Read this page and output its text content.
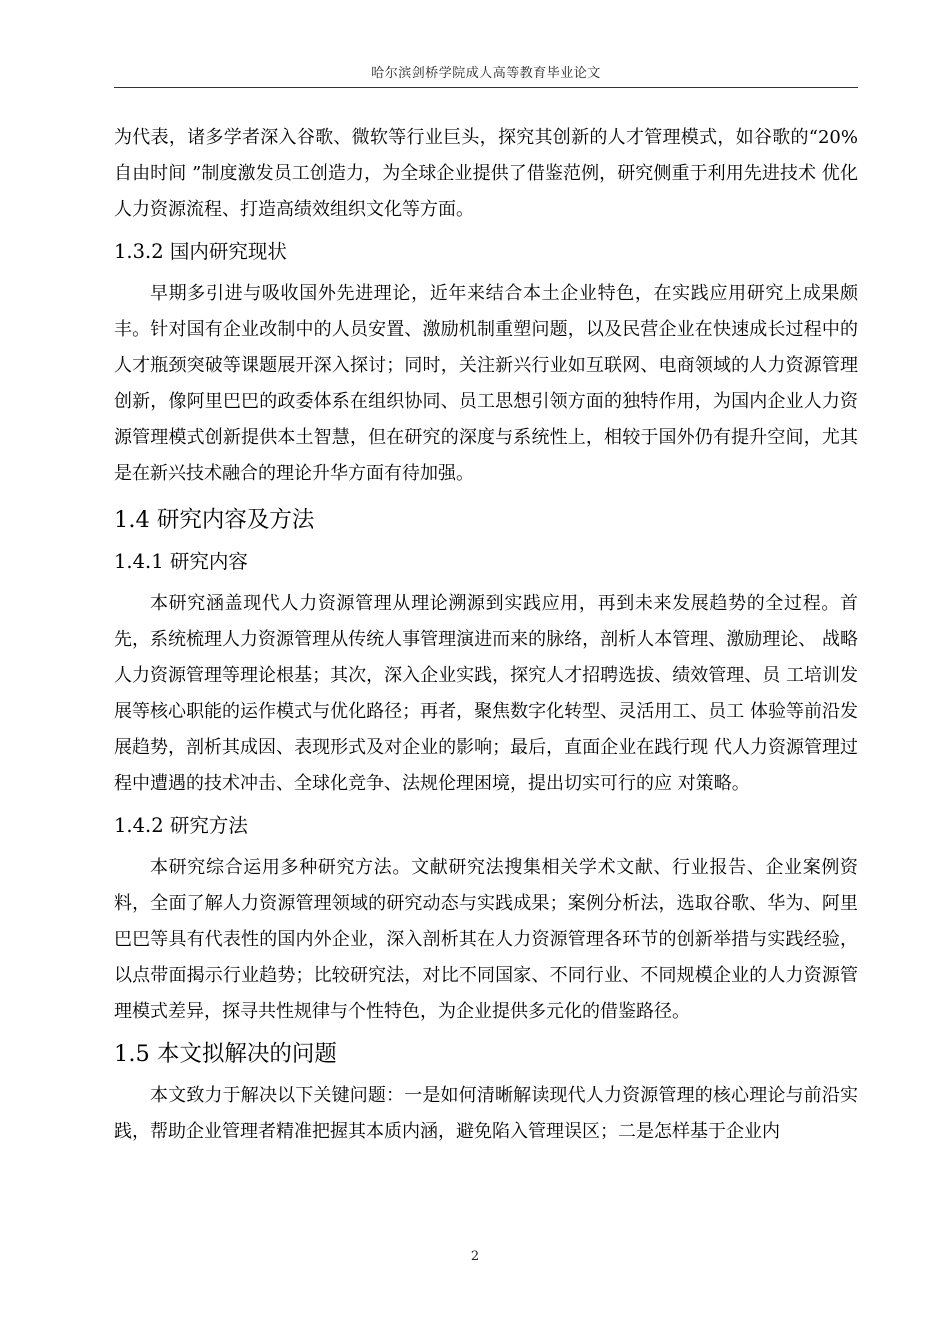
哈尔滨剑桥学院成人高等教育毕业论文

为代表，诸多学者深入谷歌、微软等行业巨头，探究其创新的人才管理模式，如谷歌的“20% 自由时间 ”制度激发员工创造力，为全球企业提供了借鉴范例，研究侧重于利用先进技术 优化人力资源流程、打造高绩效组织文化等方面。

1.3.2 国内研究现状

早期多引进与吸收国外先进理论，近年来结合本土企业特色，在实践应用研究上成果颇丰。针对国有企业改制中的人员安置、激励机制重塑问题，以及民营企业在快速成长过程中的人才瓶颈突破等课题展开深入探讨；同时，关注新兴行业如互联网、电商领域的人力资源管理创新，像阿里巴巴的政委体系在组织协同、员工思想引领方面的独特作用，为国内企业人力资源管理模式创新提供本土智慧，但在研究的深度与系统性上，相较于国外仍有提升空间，尤其是在新兴技术融合的理论升华方面有待加强。

1.4 研究内容及方法
1.4.1 研究内容

本研究涵盖现代人力资源管理从理论溯源到实践应用，再到未来发展趋势的全过程。首先，系统梳理人力资源管理从传统人事管理演进而来的脉络，剖析人本管理、激励理论、 战略人力资源管理等理论根基；其次，深入企业实践，探究人才招聘选拔、绩效管理、员 工培训发展等核心职能的运作模式与优化路径；再者，聚焦数字化转型、灵活用工、员工 体验等前沿发展趋势，剖析其成因、表现形式及对企业的影响；最后，直面企业在践行现 代人力资源管理过程中遭遇的技术冲击、全球化竞争、法规伦理困境，提出切实可行的应 对策略。

1.4.2 研究方法

本研究综合运用多种研究方法。文献研究法搜集相关学术文献、行业报告、企业案例资料，全面了解人力资源管理领域的研究动态与实践成果；案例分析法，选取谷歌、华为、阿里巴巴等具有代表性的国内外企业，深入剖析其在人力资源管理各环节的创新举措与实践经验，以点带面揭示行业趋势；比较研究法，对比不同国家、不同行业、不同规模企业的人力资源管理模式差异，探寻共性规律与个性特色，为企业提供多元化的借鉴路径。

1.5 本文拟解决的问题

本文致力于解决以下关键问题：一是如何清晰解读现代人力资源管理的核心理论与前沿实践，帮助企业管理者精准把握其本质内涵，避免陷入管理误区；二是怎样基于企业内

2
